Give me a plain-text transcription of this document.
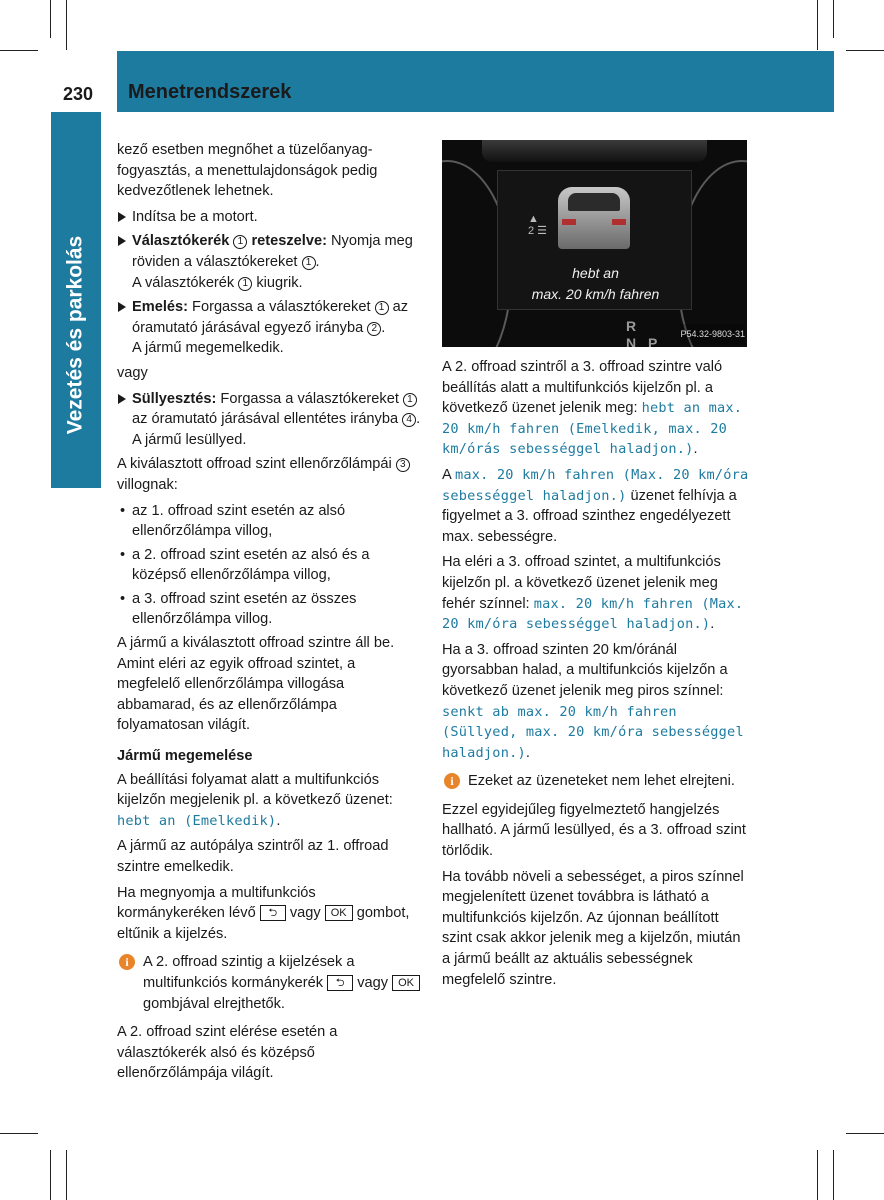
230 Menetrendszerek
Vezetés és parkolás

kező esetben megnőhet a tüzelőanyag-fogyasztás, a menettulajdonságok pedig kedvezőtlenek lehetnek.

Indítsa be a motort.
Választókerék 1 reteszelve: Nyomja meg röviden a választókereket 1 .
A választókerék 1 kiugrik.
Emelés: Forgassa a választókereket 1 az óramutató járásával egyező irányba 2 .
A jármű megemelkedik.

vagy

Süllyesztés: Forgassa a választókereket 1 az óramutató járásával ellentétes irányba 4 .
A jármű lesüllyed.

A kiválasztott offroad szint ellenőrzőlámpái 3 villognak:

• az 1. offroad szint esetén az alsó ellenőrzőlámpa villog,
• a 2. offroad szint esetén az alsó és a középső ellenőrzőlámpa villog,
• a 3. offroad szint esetén az összes ellenőrzőlámpa villog.

A jármű a kiválasztott offroad szintre áll be. Amint eléri az egyik offroad szintet, a megfelelő ellenőrzőlámpa villogása abbamarad, és az ellenőrzőlámpa folyamatosan világít.

Jármű megemelése

A beállítási folyamat alatt a multifunkciós kijelzőn megjelenik pl. a következő üzenet: hebt an (Emelkedik).

A jármű az autópálya szintről az 1. offroad szintre emelkedik.

Ha megnyomja a multifunkciós kormánykeréken lévő ⮌ vagy OK gombot, eltűnik a kijelzés.

i A 2. offroad szintig a kijelzések a multifunkciós kormánykerék ⮌ vagy OK gombjával elrejthetők.

A 2. offroad szint elérése esetén a választókerék alsó és középső ellenőrzőlámpája világít.

▲
2 ☰
hebt an
max. 20 km/h fahren
R
N P
P54.32-9803-31

A 2. offroad szintről a 3. offroad szintre való beállítás alatt a multifunkciós kijelzőn pl. a következő üzenet jelenik meg: hebt an max. 20 km/h fahren (Emelkedik, max. 20 km/órás sebességgel haladjon.).

A max. 20 km/h fahren (Max. 20 km/óra sebességgel haladjon.) üzenet felhívja a figyelmet a 3. offroad szinthez engedélyezett max. sebességre.

Ha eléri a 3. offroad szintet, a multifunkciós kijelzőn pl. a következő üzenet jelenik meg fehér színnel: max. 20 km/h fahren (Max. 20 km/óra sebességgel haladjon.).

Ha a 3. offroad szinten 20 km/óránál gyorsabban halad, a multifunkciós kijelzőn a következő üzenet jelenik meg piros színnel: senkt ab max. 20 km/h fahren (Süllyed, max. 20 km/óra sebességgel haladjon.).

i Ezeket az üzeneteket nem lehet elrejteni.

Ezzel egyidejűleg figyelmeztető hangjelzés hallható. A jármű lesüllyed, és a 3. offroad szint törlődik.

Ha tovább növeli a sebességet, a piros színnel megjelenített üzenet továbbra is látható a multifunkciós kijelzőn. Az újonnan beállított szint csak akkor jelenik meg a kijelzőn, miután a jármű beállt az aktuális sebességnek megfelelő szintre.
